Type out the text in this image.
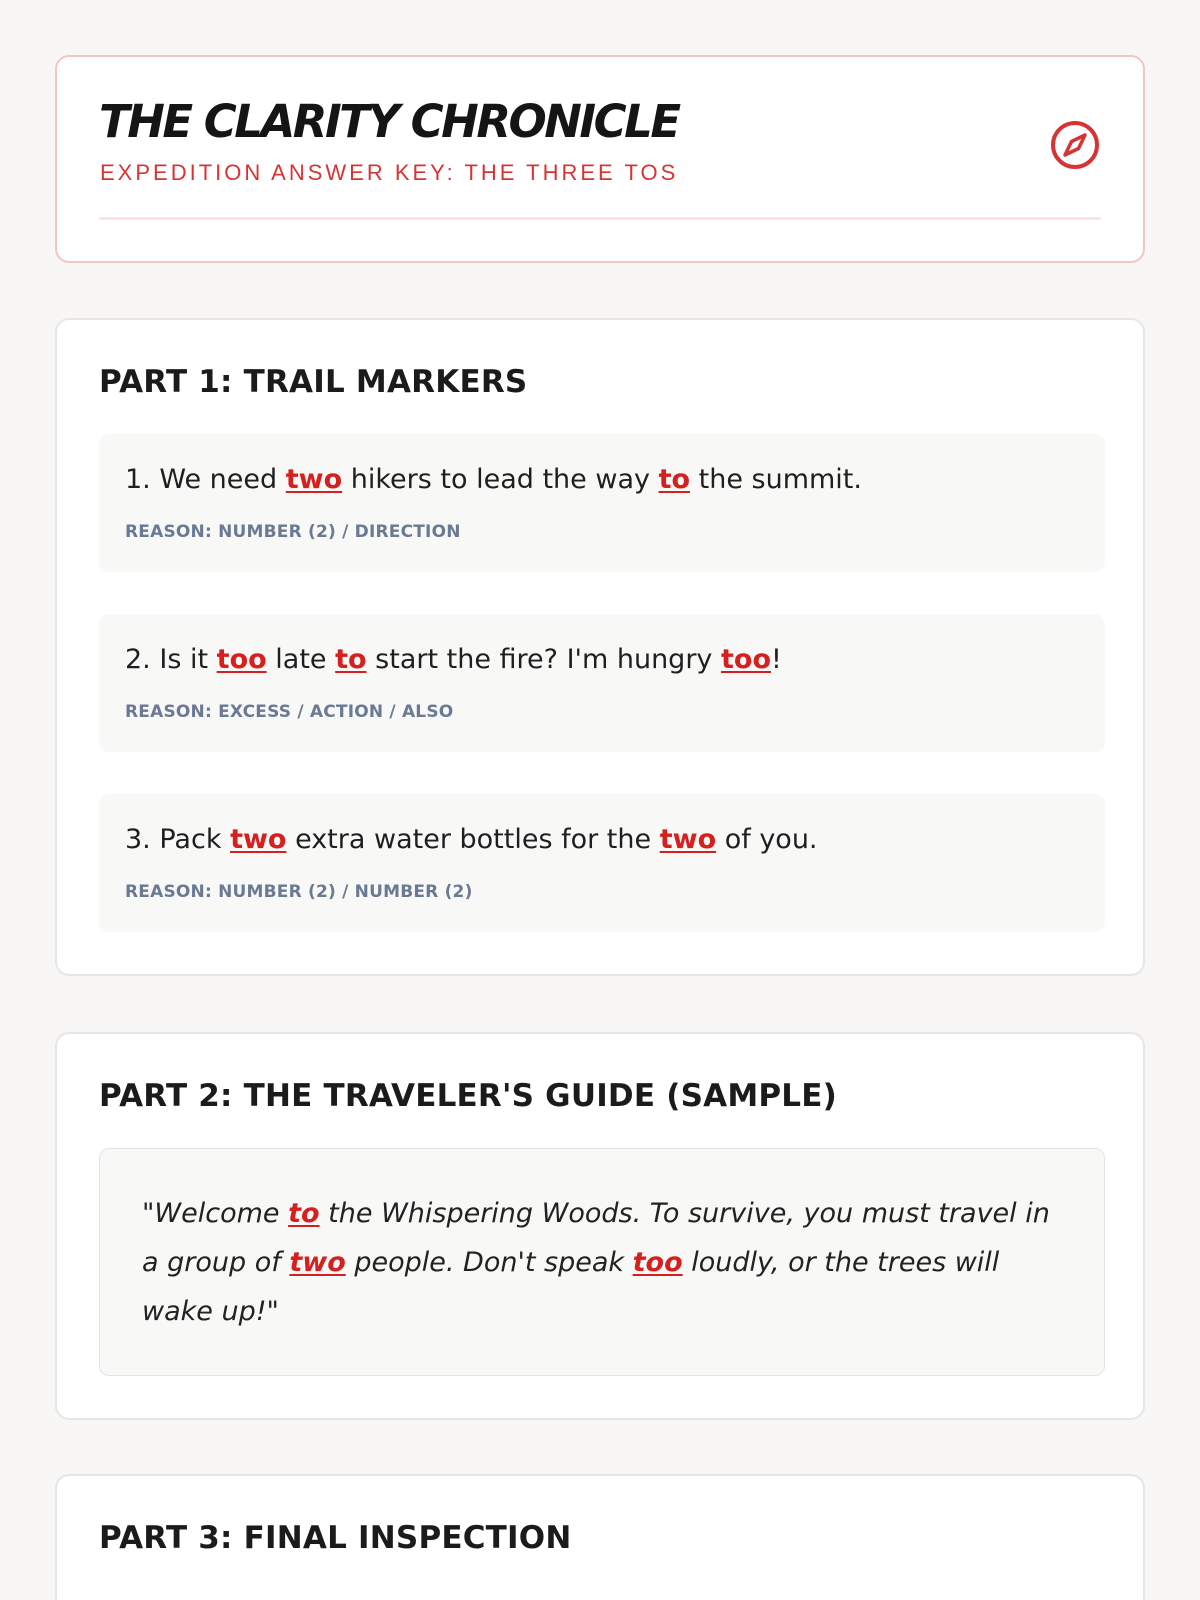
THE CLARITY CHRONICLE

EXPEDITION ANSWER KEY: THE THREE TOS

PART 1: TRAIL MARKERS
1. We need two hikers to lead the way to the summit.
REASON: NUMBER (2) / DIRECTION
2. Is it too late to start the fire? I'm hungry too!
REASON: EXCESS / ACTION / ALSO
3. Pack two extra water bottles for the two of you.
REASON: NUMBER (2) / NUMBER (2)
PART 2: THE TRAVELER'S GUIDE (SAMPLE)

"Welcome to the Whispering Woods. To survive, you must travel in a group of two people. Don't speak too loudly, or the trees will wake up!"

PART 3: FINAL INSPECTION
